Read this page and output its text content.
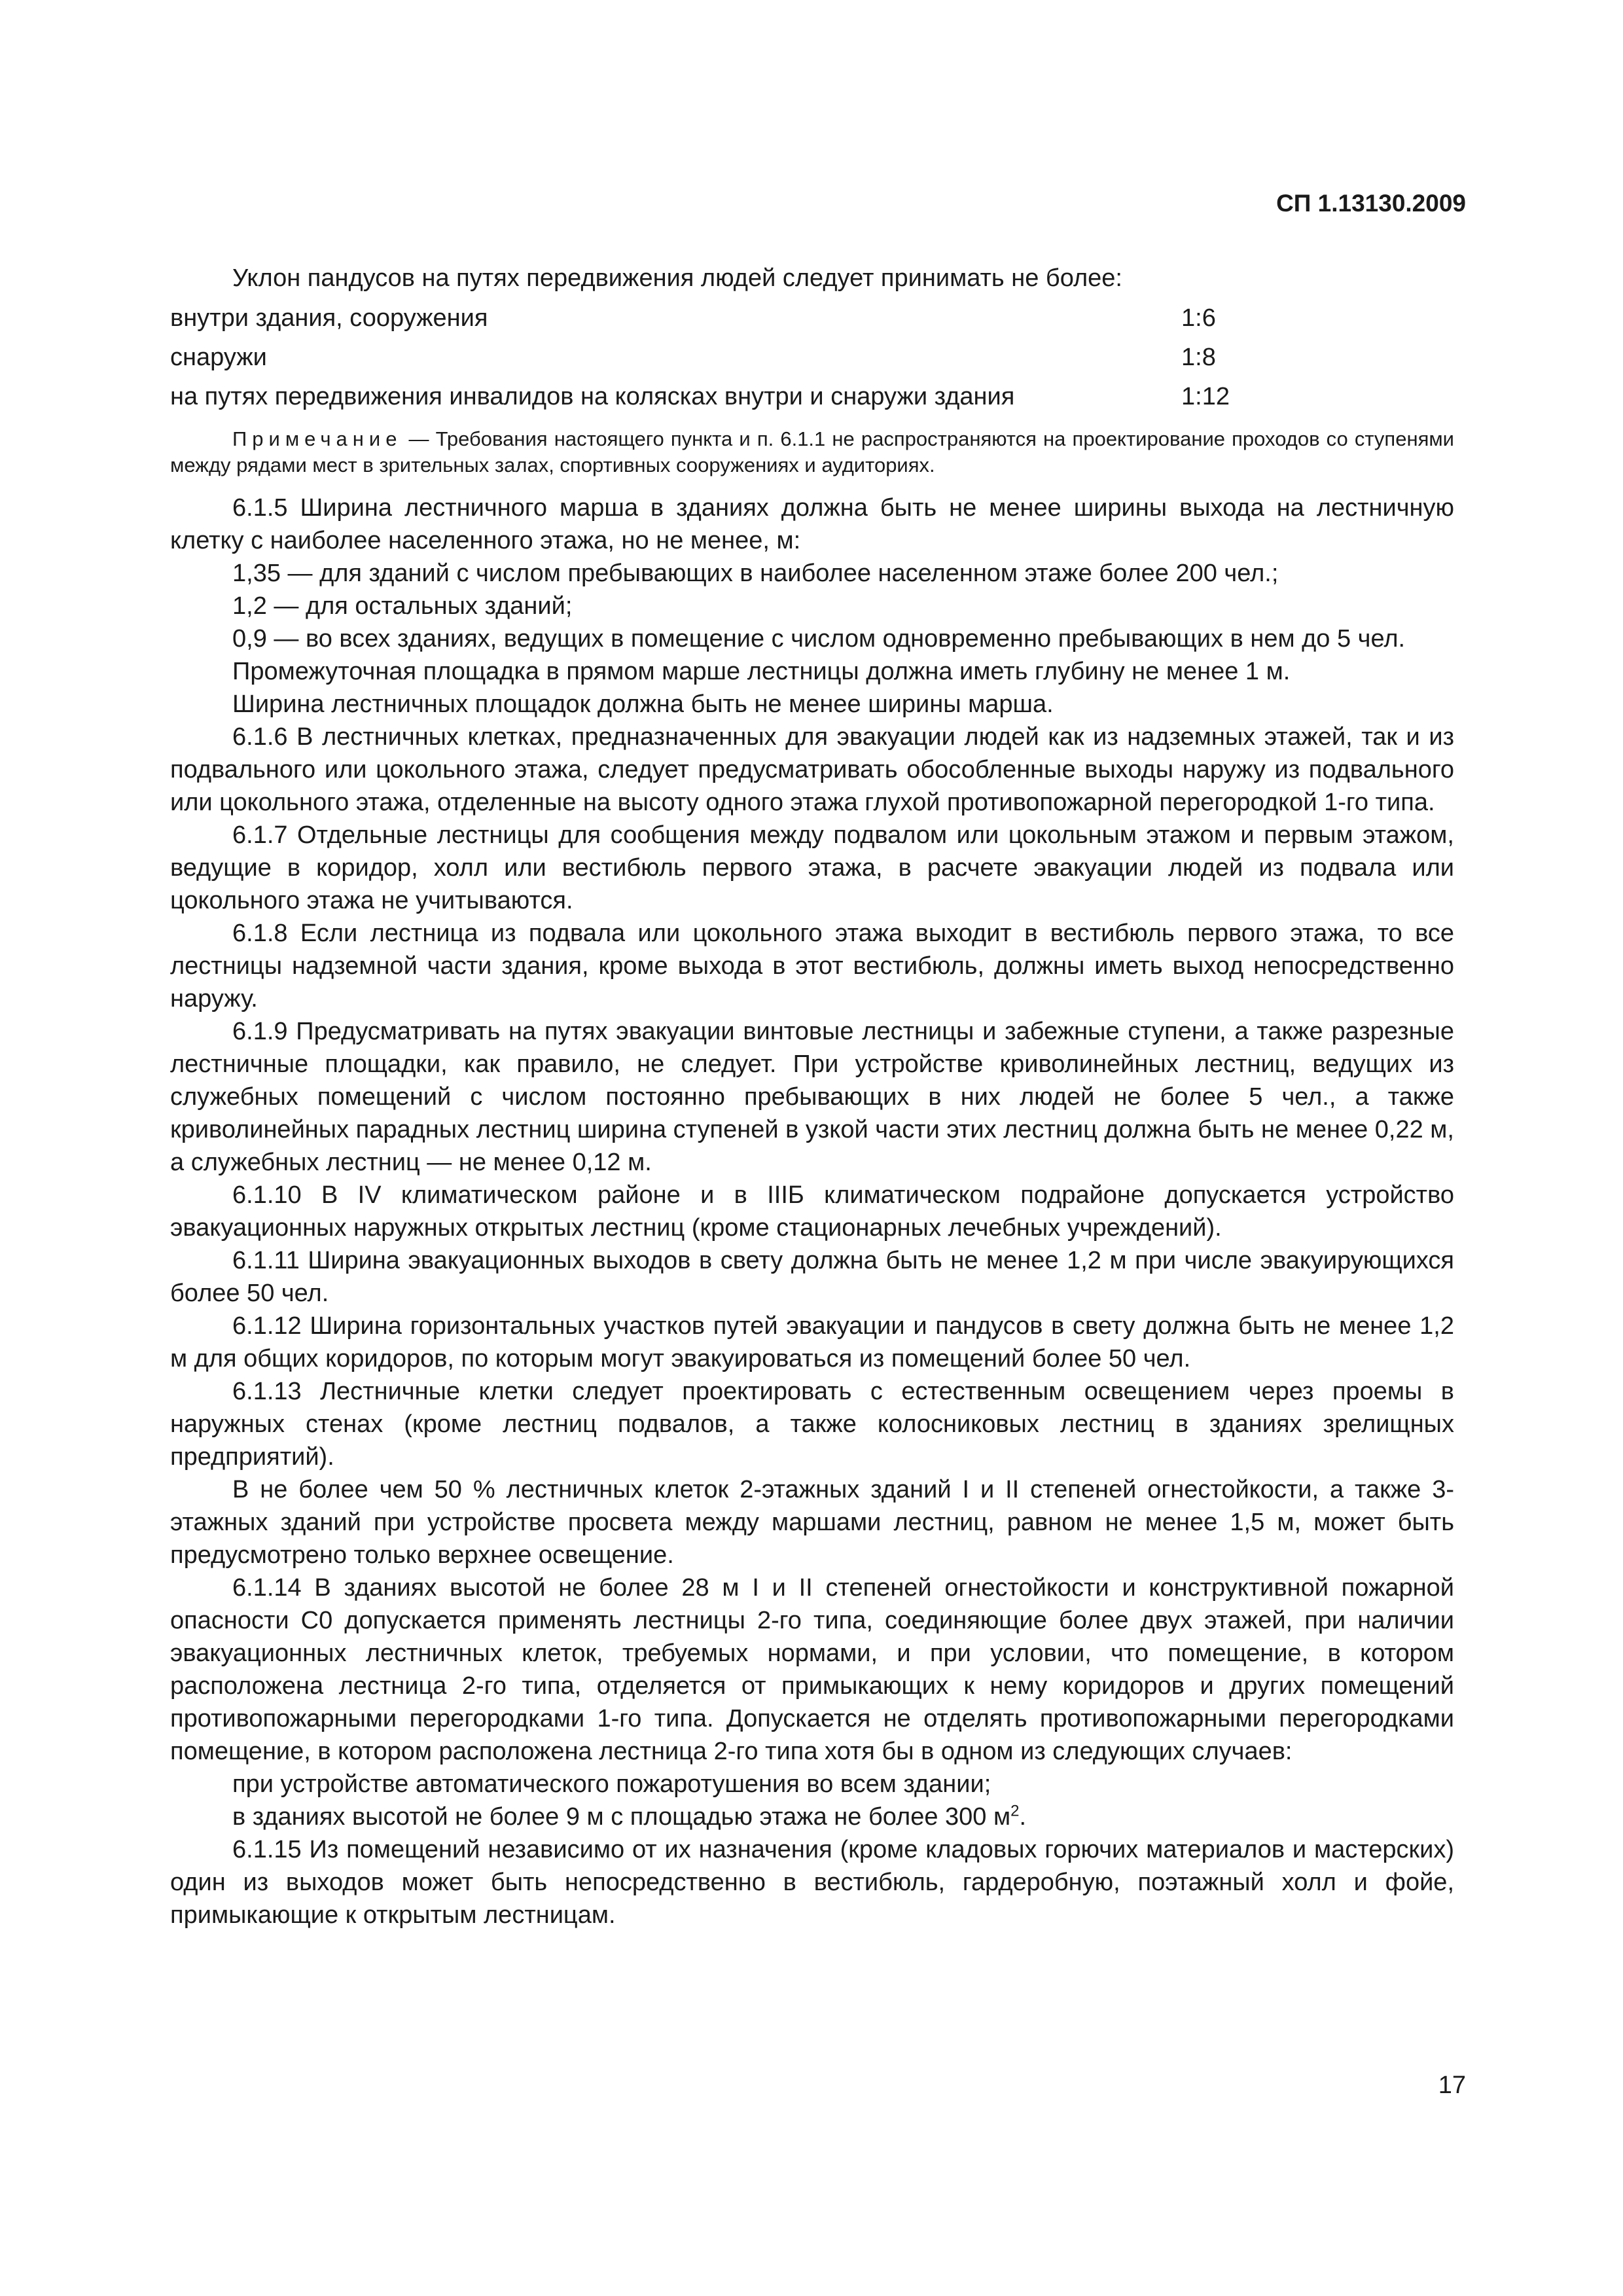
СП 1.13130.2009

Уклон пандусов на путях передвижения людей следует принимать не более:

внутри здания, сооружения	1:6
снаружи	1:8
на путях передвижения инвалидов на колясках внутри и снаружи здания	1:12

Примечание — Требования настоящего пункта и п. 6.1.1 не распространяются на проектирование проходов со ступенями между рядами мест в зрительных залах, спортивных сооружениях и аудиториях.

6.1.5 Ширина лестничного марша в зданиях должна быть не менее ширины выхода на лестничную клетку с наиболее населенного этажа, но не менее, м:

1,35 — для зданий с числом пребывающих в наиболее населенном этаже более 200 чел.;

1,2 — для остальных зданий;

0,9 — во всех зданиях, ведущих в помещение с числом одновременно пребывающих в нем до 5 чел.

Промежуточная площадка в прямом марше лестницы должна иметь глубину не менее 1 м.

Ширина лестничных площадок должна быть не менее ширины марша.

6.1.6 В лестничных клетках, предназначенных для эвакуации людей как из надземных этажей, так и из подвального или цокольного этажа, следует предусматривать обособленные выходы наружу из подвального или цокольного этажа, отделенные на высоту одного этажа глухой противопожарной перегородкой 1-го типа.

6.1.7 Отдельные лестницы для сообщения между подвалом или цокольным этажом и первым этажом, ведущие в коридор, холл или вестибюль первого этажа, в расчете эвакуации людей из подвала или цокольного этажа не учитываются.

6.1.8 Если лестница из подвала или цокольного этажа выходит в вестибюль первого этажа, то все лестницы надземной части здания, кроме выхода в этот вестибюль, должны иметь выход непосредственно наружу.

6.1.9 Предусматривать на путях эвакуации винтовые лестницы и забежные ступени, а также разрезные лестничные площадки, как правило, не следует. При устройстве криволинейных лестниц, ведущих из служебных помещений с числом постоянно пребывающих в них людей не более 5 чел., а также криволинейных парадных лестниц ширина ступеней в узкой части этих лестниц должна быть не менее 0,22 м, а служебных лестниц — не менее 0,12 м.

6.1.10 В IV климатическом районе и в IIIБ климатическом подрайоне допускается устройство эвакуационных наружных открытых лестниц (кроме стационарных лечебных учреждений).

6.1.11 Ширина эвакуационных выходов в свету должна быть не менее 1,2 м при числе эвакуирующихся более 50 чел.

6.1.12 Ширина горизонтальных участков путей эвакуации и пандусов в свету должна быть не менее 1,2 м для общих коридоров, по которым могут эвакуироваться из помещений более 50 чел.

6.1.13 Лестничные клетки следует проектировать с естественным освещением через проемы в наружных стенах (кроме лестниц подвалов, а также колосниковых лестниц в зданиях зрелищных предприятий).

В не более чем 50 % лестничных клеток 2-этажных зданий I и II степеней огнестойкости, а также 3-этажных зданий при устройстве просвета между маршами лестниц, равном не менее 1,5 м, может быть предусмотрено только верхнее освещение.

6.1.14 В зданиях высотой не более 28 м I и II степеней огнестойкости и конструктивной пожарной опасности С0 допускается применять лестницы 2-го типа, соединяющие более двух этажей, при наличии эвакуационных лестничных клеток, требуемых нормами, и при условии, что помещение, в котором расположена лестница 2-го типа, отделяется от примыкающих к нему коридоров и других помещений противопожарными перегородками 1-го типа. Допускается не отделять противопожарными перегородками помещение, в котором расположена лестница 2-го типа хотя бы в одном из следующих случаев:

при устройстве автоматического пожаротушения во всем здании;

в зданиях высотой не более 9 м с площадью этажа не более 300 $м^2$.

6.1.15 Из помещений независимо от их назначения (кроме кладовых горючих материалов и мастерских) один из выходов может быть непосредственно в вестибюль, гардеробную, поэтажный холл и фойе, примыкающие к открытым лестницам.

17
